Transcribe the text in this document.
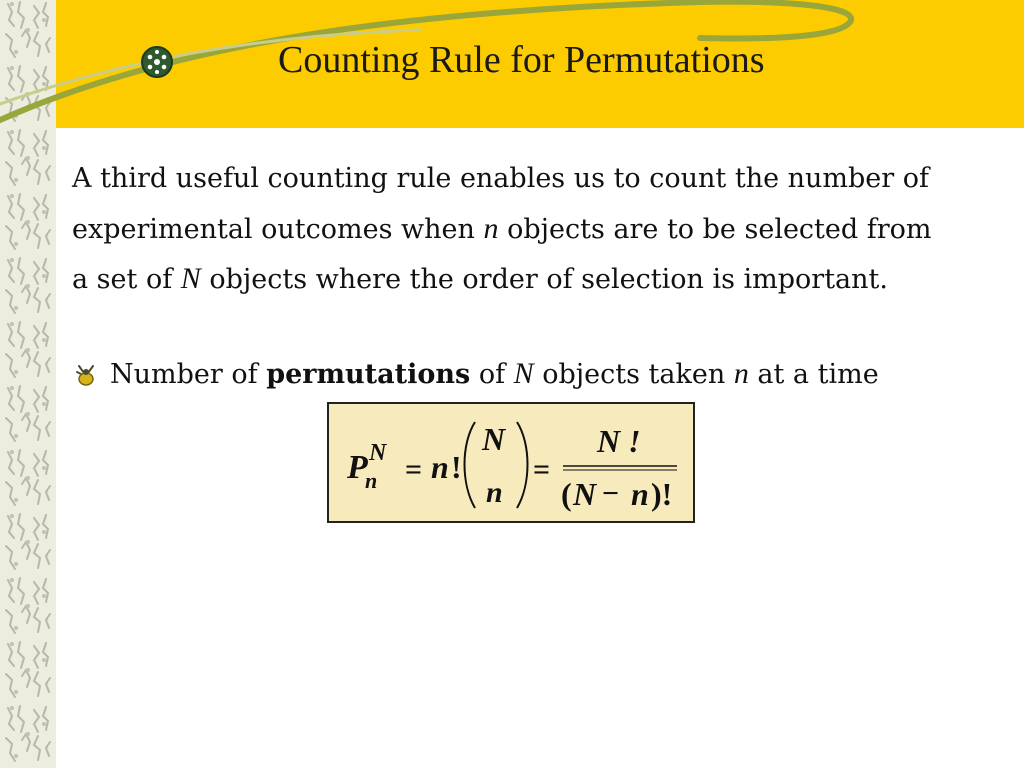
Counting Rule for Permutations

A third useful counting rule enables us to count the number of experimental outcomes when n objects are to be selected from a set of N objects where the order of selection is important.

Number of permutations of N objects taken n at a time

P
n
N = n !
N
n
=
N !
( N − n )!
